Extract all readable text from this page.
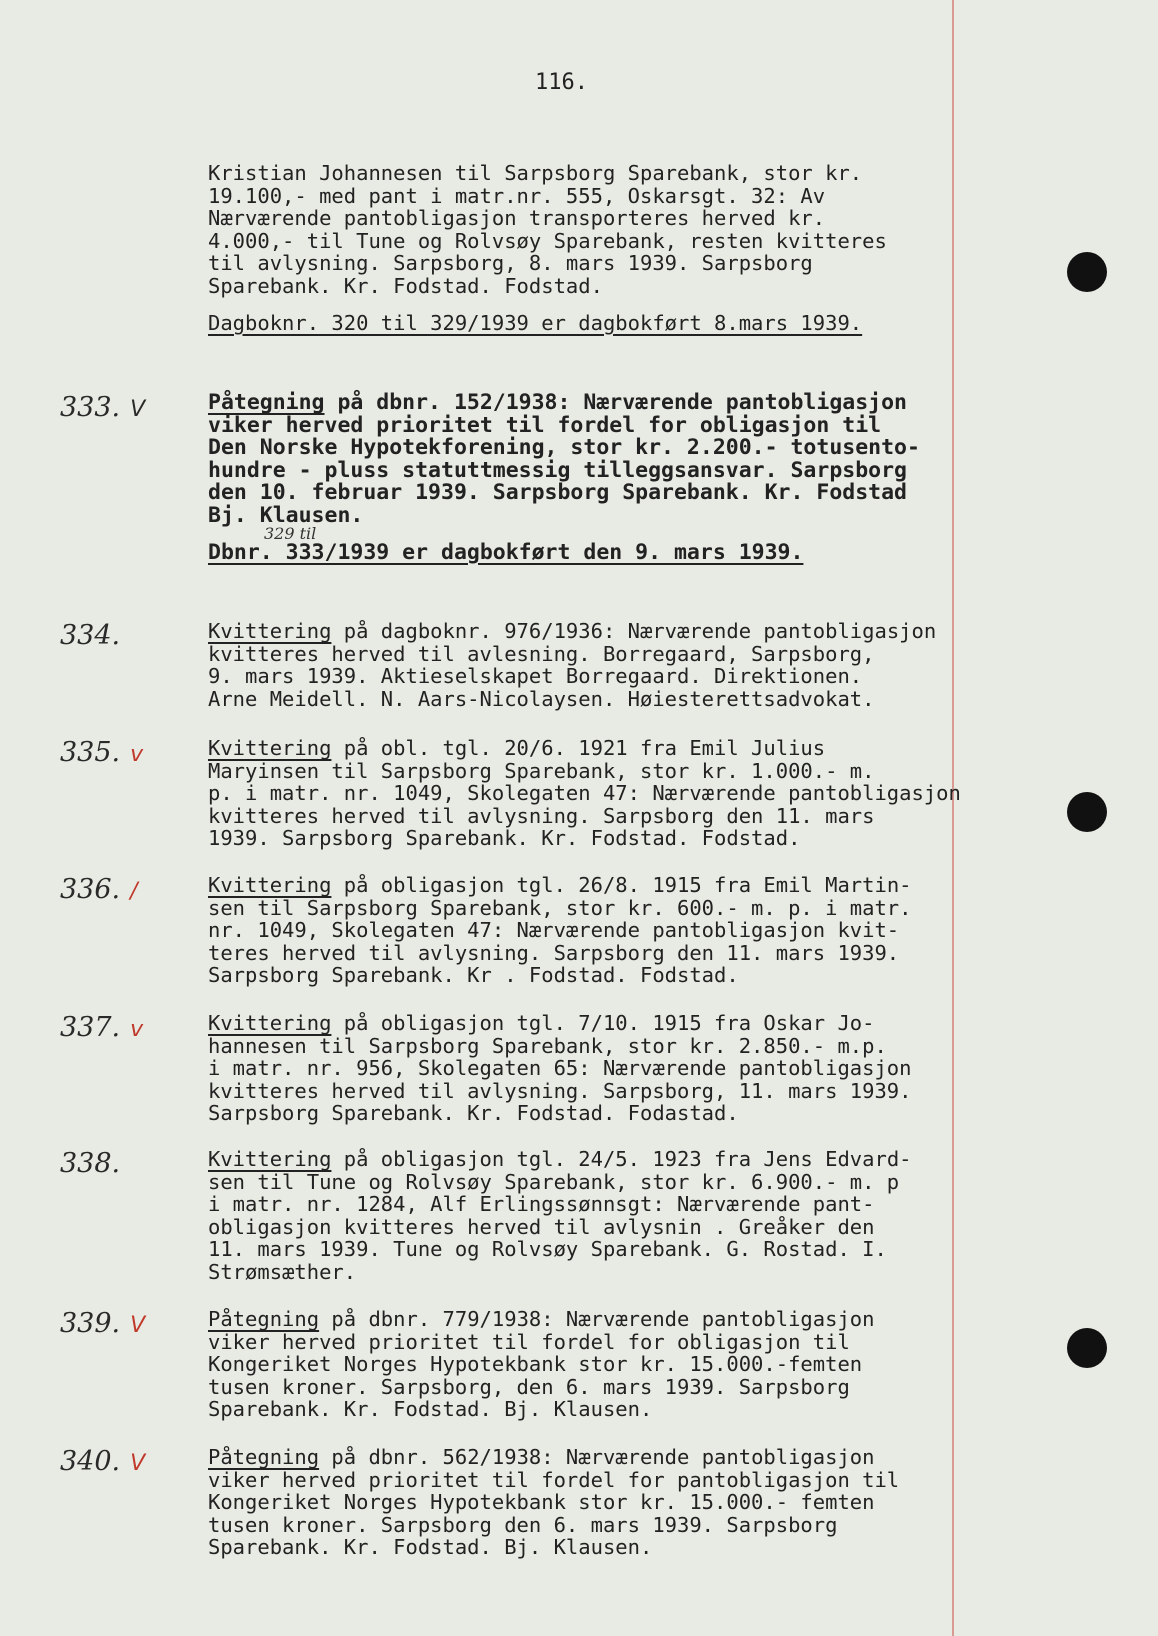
116.
Kristian Johannesen til Sarpsborg Sparebank, stor kr.
19.100,- med pant i matr.nr. 555, Oskarsgt. 32: Av
Nærværende pantobligasjon transporteres herved kr.
4.000,- til Tune og Rolvsøy Sparebank, resten kvitteres
til avlysning. Sarpsborg, 8. mars 1939. Sarpsborg
Sparebank. Kr. Fodstad. Fodstad.
Dagboknr. 320 til 329/1939 er dagbokført 8.mars 1939.
333. V	Påtegning på dbnr. 152/1938: Nærværende pantobligasjon
viker herved prioritet til fordel for obligasjon til
Den Norske Hypotekforening, stor kr. 2.200.- totusento-
hundre - pluss statuttmessig tilleggsansvar. Sarpsborg
den 10. februar 1939. Sarpsborg Sparebank. Kr. Fodstad
Bj. Klausen.
Dbnr. 333/1939 er dagbokført den 9. mars 1939.
329 til
334.	Kvittering på dagboknr. 976/1936: Nærværende pantobligasjon
kvitteres herved til avlesning. Borregaard, Sarpsborg,
9. mars 1939. Aktieselskapet Borregaard. Direktionen.
Arne Meidell. N. Aars-Nicolaysen. Høiesterettsadvokat.
335. v	Kvittering på obl. tgl. 20/6. 1921 fra Emil Julius
Maryinsen til Sarpsborg Sparebank, stor kr. 1.000.- m.
p. i matr. nr. 1049, Skolegaten 47: Nærværende pantobligasjon
kvitteres herved til avlysning. Sarpsborg den 11. mars
1939. Sarpsborg Sparebank. Kr. Fodstad. Fodstad.
336. /	Kvittering på obligasjon tgl. 26/8. 1915 fra Emil Martin-
sen til Sarpsborg Sparebank, stor kr. 600.- m. p. i matr.
nr. 1049, Skolegaten 47: Nærværende pantobligasjon kvit-
teres herved til avlysning. Sarpsborg den 11. mars 1939.
Sarpsborg Sparebank. Kr . Fodstad. Fodstad.
337. v	Kvittering på obligasjon tgl. 7/10. 1915 fra Oskar Jo-
hannesen til Sarpsborg Sparebank, stor kr. 2.850.- m.p.
i matr. nr. 956, Skolegaten 65: Nærværende pantobligasjon
kvitteres herved til avlysning. Sarpsborg, 11. mars 1939.
Sarpsborg Sparebank. Kr. Fodstad. Fodastad.
338.	Kvittering på obligasjon tgl. 24/5. 1923 fra Jens Edvard-
sen til Tune og Rolvsøy Sparebank, stor kr. 6.900.- m. p
i matr. nr. 1284, Alf Erlingssønnsgt: Nærværende pant-
obligasjon kvitteres herved til avlysnin . Greåker den
11. mars 1939. Tune og Rolvsøy Sparebank. G. Rostad. I.
Strømsæther.
339. V	Påtegning på dbnr. 779/1938: Nærværende pantobligasjon
viker herved prioritet til fordel for obligasjon til
Kongeriket Norges Hypotekbank stor kr. 15.000.-femten
tusen kroner. Sarpsborg, den 6. mars 1939. Sarpsborg
Sparebank. Kr. Fodstad. Bj. Klausen.
340. V	Påtegning på dbnr. 562/1938: Nærværende pantobligasjon
viker herved prioritet til fordel for pantobligasjon til
Kongeriket Norges Hypotekbank stor kr. 15.000.- femten
tusen kroner. Sarpsborg den 6. mars 1939. Sarpsborg
Sparebank. Kr. Fodstad. Bj. Klausen.
